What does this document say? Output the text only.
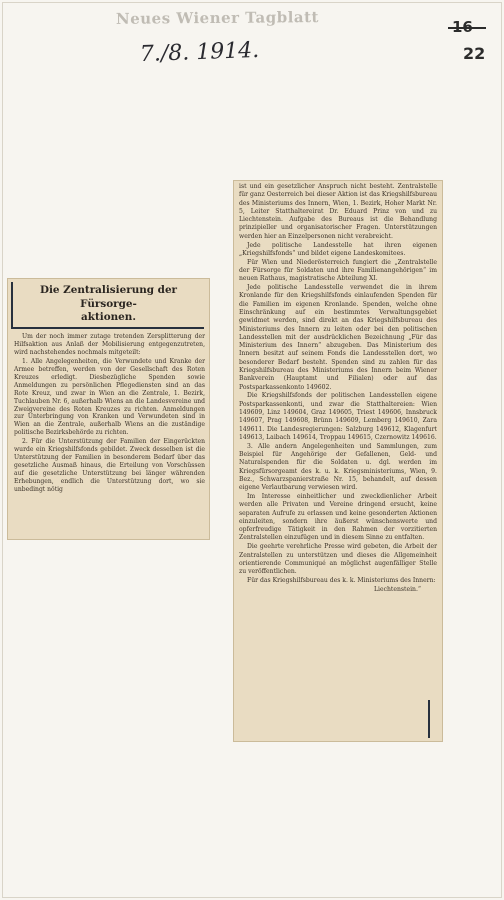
Neues Wiener Tagblatt
7./8. 1914.
16
22
Die Zentralisierung der Fürsorge-
aktionen.

Um der noch immer zutage tretenden Zersplitterung der Hilfsaktion aus Anlaß der Mobilisierung entgegenzutreten, wird nachstehendes nochmals mitgeteilt:

1. Alle Angelegenheiten, die Verwundete und Kranke der Armee betreffen, werden von der Gesellschaft des Roten Kreuzes erledigt. Diesbezügliche Spenden sowie Anmeldungen zu persönlichen Pflegediensten sind an das Rote Kreuz, und zwar in Wien an die Zentrale, 1. Bezirk, Tuchlauben Nr. 6, außerhalb Wiens an die Landesvereine und Zweigvereine des Roten Kreuzes zu richten. Anmeldungen zur Unterbringung von Kranken und Verwundeten sind in Wien an die Zentrale, außerhalb Wiens an die zuständige politische Bezirksbehörde zu richten.

2. Für die Unterstützung der Familien der Eingerückten wurde ein Kriegshilfsfonds gebildet. Zweck desselben ist die Unterstützung der Familien in besonderem Bedarf über das gesetzliche Ausmaß hinaus, die Erteilung von Vorschüssen auf die gesetzliche Unterstützung bei länger währenden Erhebungen, endlich die Unterstützung dort, wo sie unbedingt nötig

ist und ein gesetzlicher Anspruch nicht besteht. Zentralstelle für ganz Oesterreich bei dieser Aktion ist das Kriegshilfsbureau des Ministeriums des Innern, Wien, 1. Bezirk, Hoher Markt Nr. 5, Leiter Statthaltereirat Dr. Eduard Prinz von und zu Liechtenstein. Aufgabe des Bureaus ist die Behandlung prinzipieller und organisatorischer Fragen. Unterstützungen werden hier an Einzelpersonen nicht verabreicht.

Jede politische Landesstelle hat ihren eigenen „Kriegshilfsfonds“ und bildet eigene Landeskomitees.

Für Wien und Niederösterreich fungiert die „Zentralstelle der Fürsorge für Soldaten und ihre Familienangehörigen“ im neuen Rathaus, magistratische Abteilung XI.

Jede politische Landesstelle verwendet die in ihrem Kronlande für den Kriegshilfsfonds einlaufenden Spenden für die Familien im eigenen Kronlande. Spenden, welche ohne Einschränkung auf ein bestimmtes Verwaltungsgebiet gewidmet werden, sind direkt an das Kriegshilfsbureau des Ministeriums des Innern zu leiten oder bei den politischen Landesstellen mit der ausdrücklichen Bezeichnung „Für das Ministerium des Innern“ abzugeben. Das Ministerium des Innern besitzt auf seinem Fonds die Landesstellen dort, wo besonderer Bedarf besteht. Spenden sind zu zahlen für das Kriegshilfsbureau des Ministeriums des Innern beim Wiener Bankverein (Hauptamt und Filialen) oder auf das Postsparkassenkonto 149602.

Die Kriegshilfsfonds der politischen Landesstellen eigene Postsparkassenkonti, und zwar die Statthaltereien: Wien 149609, Linz 149604, Graz 149605, Triest 149606, Innsbruck 149607, Prag 149608, Brünn 149609, Lemberg 149610, Zara 149611. Die Landesregierungen: Salzburg 149612, Klagenfurt 149613, Laibach 149614, Troppau 149615, Czernowitz 149616.

3. Alle andern Angelegenheiten und Sammlungen, zum Beispiel für Angehörige der Gefallenen, Geld- und Naturalspenden für die Soldaten u. dgl. werden im Kriegsfürsorgeamt des k. u. k. Kriegsministeriums, Wien, 9. Bez., Schwarzspanierstraße Nr. 15, behandelt, auf dessen eigene Verlautbarung verwiesen wird.

Im Interesse einheitlicher und zweckdienlicher Arbeit werden alle Privaten und Vereine dringend ersucht, keine separaten Aufrufe zu erlassen und keine gesonderten Aktionen einzuleiten, sondern ihre äußerst wünschenswerte und opferfreudige Tätigkeit in den Rahmen der vorzitierten Zentralstellen einzufügen und in diesem Sinne zu entfalten.

Die geehrte verehrliche Presse wird gebeten, die Arbeit der Zentralstellen zu unterstützen und dieses die Allgemeinheit orientierende Communiqué an möglichst augenfälliger Stelle zu veröffentlichen.

Für das Kriegshilfsbureau des k. k. Ministeriums des Innern:

Liechtenstein.“
